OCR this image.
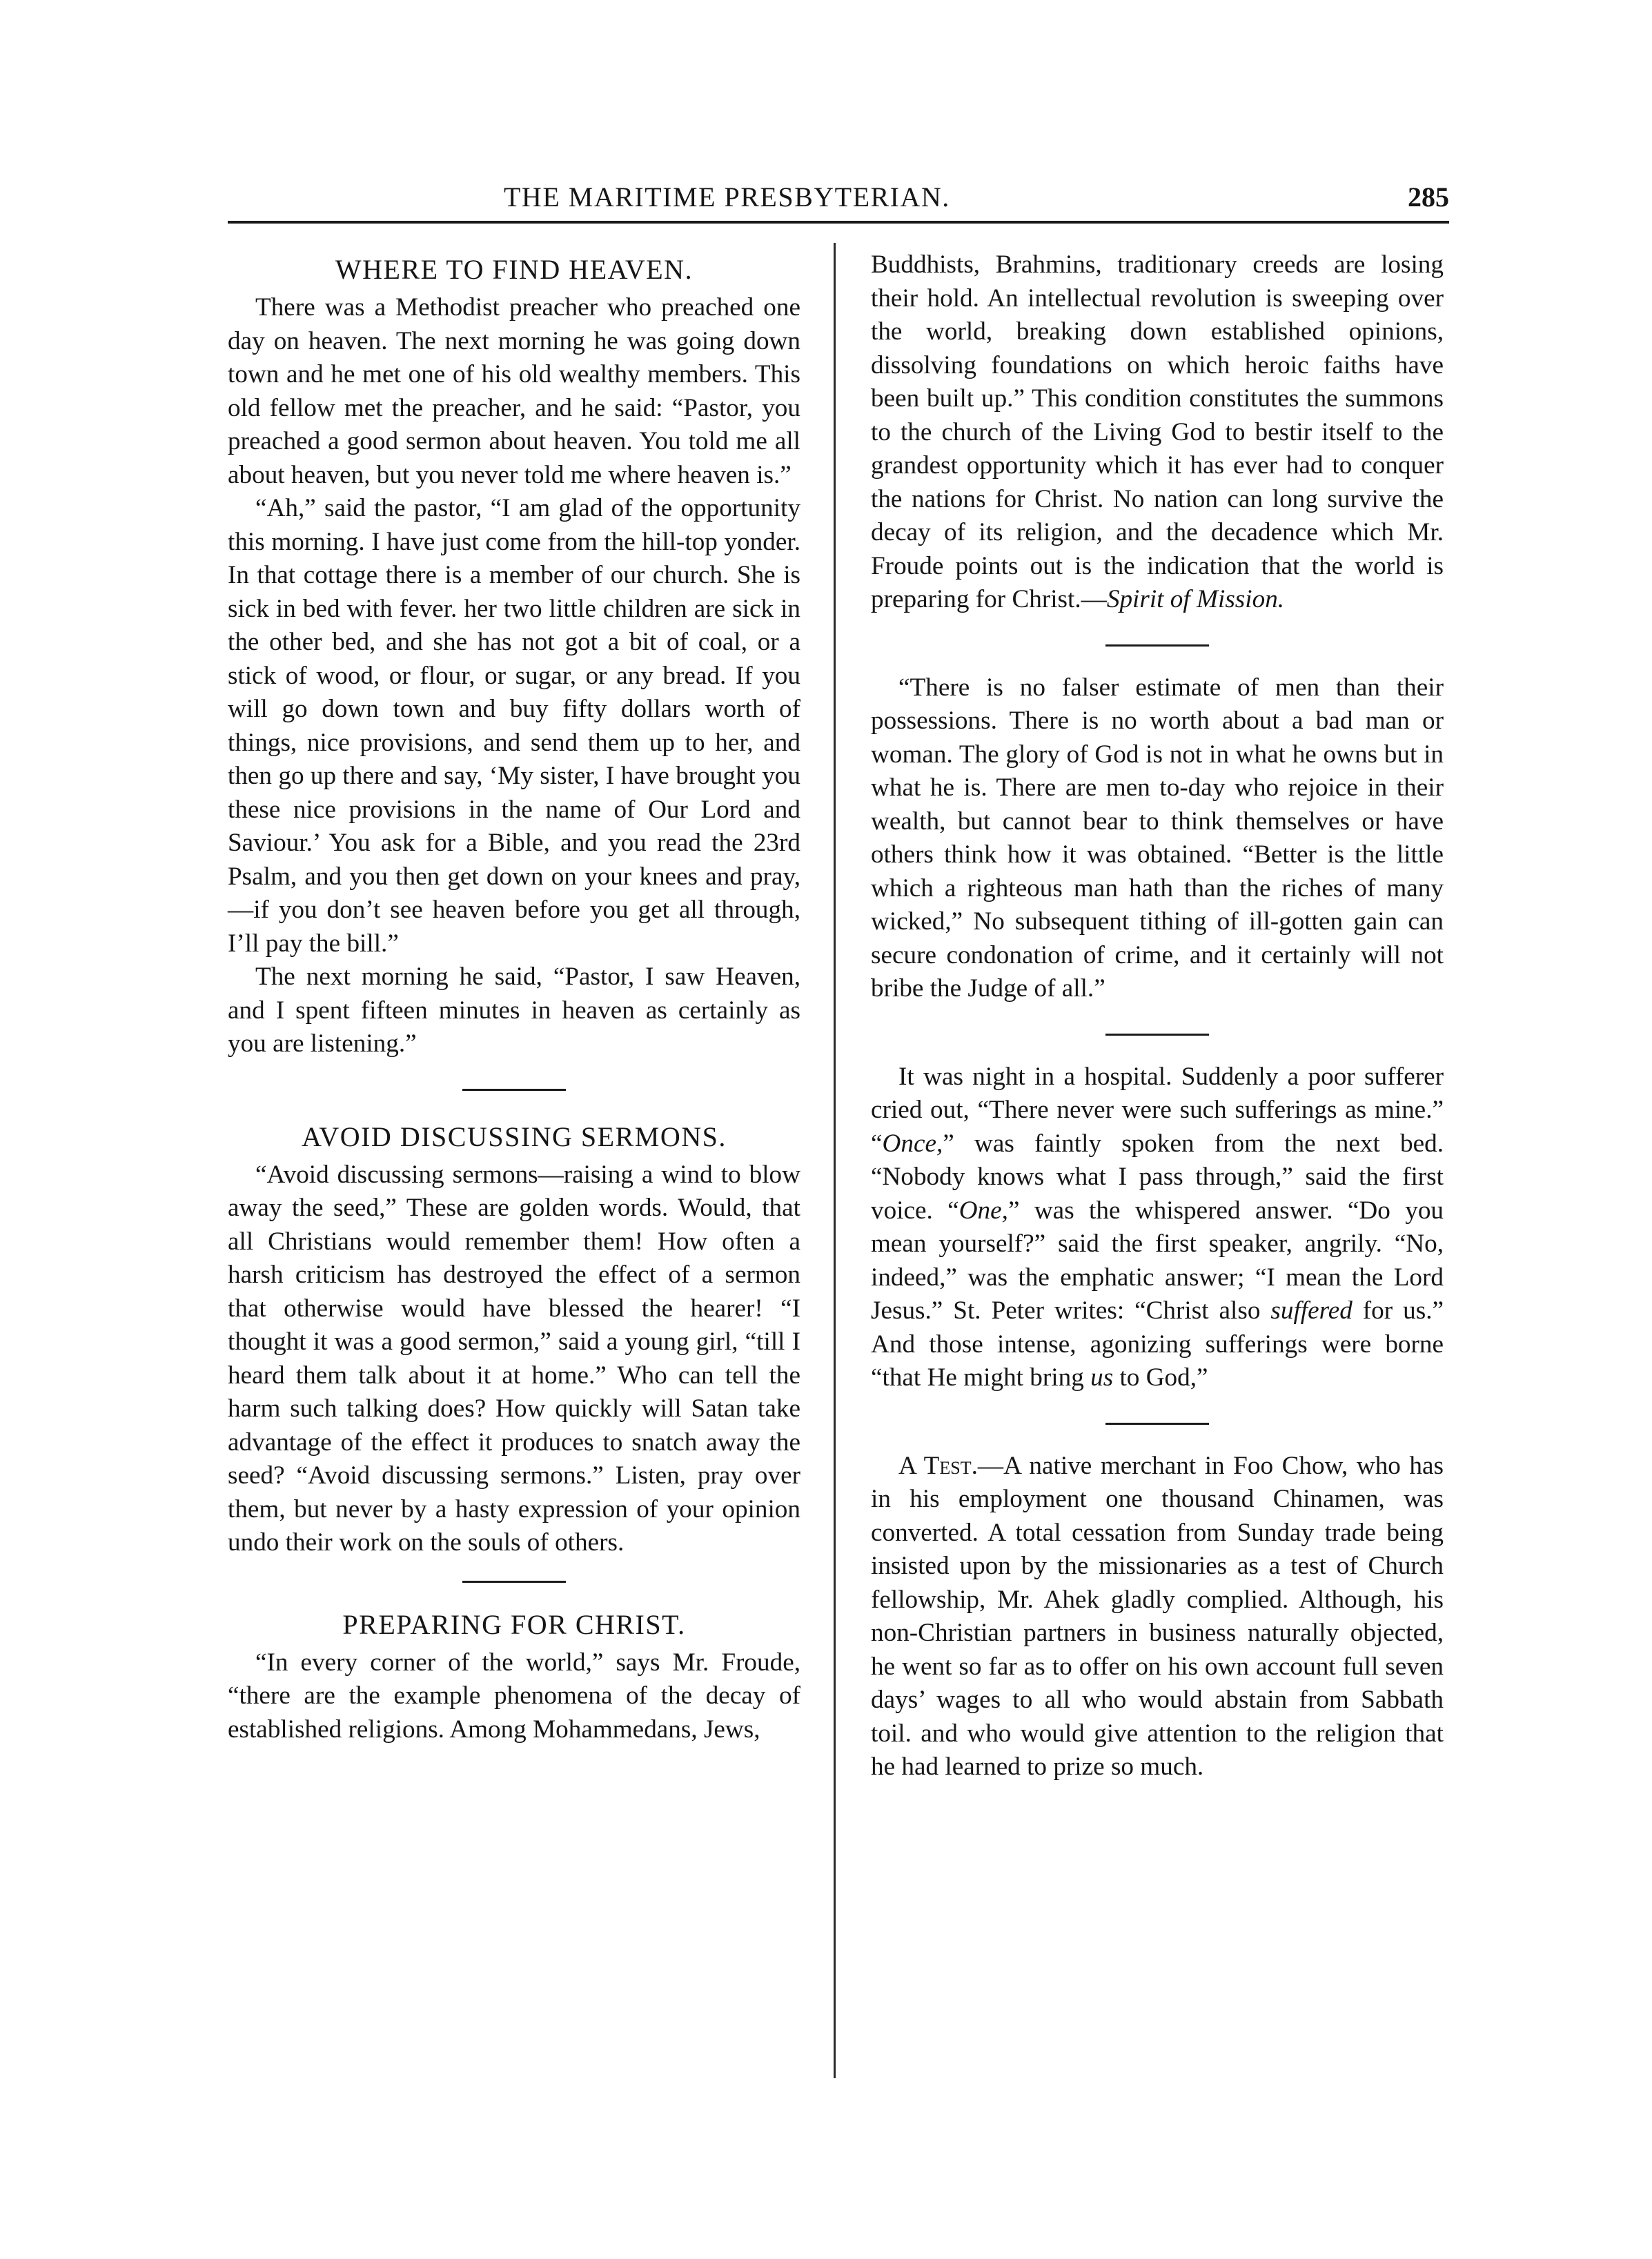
THE MARITIME PRESBYTERIAN.	285
WHERE TO FIND HEAVEN.

There was a Methodist preacher who preached one day on heaven. The next morning he was going down town and he met one of his old wealthy members. This old fellow met the preacher, and he said: “Pastor, you preached a good sermon about heaven. You told me all about heaven, but you never told me where heaven is.”

“Ah,” said the pastor, “I am glad of the opportunity this morning. I have just come from the hill-top yonder. In that cottage there is a member of our church. She is sick in bed with fever. her two little children are sick in the other bed, and she has not got a bit of coal, or a stick of wood, or flour, or sugar, or any bread. If you will go down town and buy fifty dollars worth of things, nice provisions, and send them up to her, and then go up there and say, ‘My sister, I have brought you these nice provisions in the name of Our Lord and Saviour.’ You ask for a Bible, and you read the 23rd Psalm, and you then get down on your knees and pray,—if you don’t see heaven before you get all through, I’ll pay the bill.”

The next morning he said, “Pastor, I saw Heaven, and I spent fifteen minutes in heaven as certainly as you are listening.”

AVOID DISCUSSING SERMONS.

“Avoid discussing sermons—raising a wind to blow away the seed,” These are golden words. Would, that all Christians would remember them! How often a harsh criticism has destroyed the effect of a sermon that otherwise would have blessed the hearer! “I thought it was a good sermon,” said a young girl, “till I heard them talk about it at home.” Who can tell the harm such talking does? How quickly will Satan take advantage of the effect it produces to snatch away the seed? “Avoid discussing sermons.” Listen, pray over them, but never by a hasty expression of your opinion undo their work on the souls of others.

PREPARING FOR CHRIST.

“In every corner of the world,” says Mr. Froude, “there are the example phenomena of the decay of established religions. Among Mohammedans, Jews,

Buddhists, Brahmins, traditionary creeds are losing their hold. An intellectual revolution is sweeping over the world, breaking down established opinions, dissolving foundations on which heroic faiths have been built up.” This condition constitutes the summons to the church of the Living God to bestir itself to the grandest opportunity which it has ever had to conquer the nations for Christ. No nation can long survive the decay of its religion, and the decadence which Mr. Froude points out is the indication that the world is preparing for Christ.—Spirit of Mission.

“There is no falser estimate of men than their possessions. There is no worth about a bad man or woman. The glory of God is not in what he owns but in what he is. There are men to-day who rejoice in their wealth, but cannot bear to think themselves or have others think how it was obtained. “Better is the little which a righteous man hath than the riches of many wicked,” No subsequent tithing of ill-gotten gain can secure condonation of crime, and it certainly will not bribe the Judge of all.”

It was night in a hospital. Suddenly a poor sufferer cried out, “There never were such sufferings as mine.” “Once,” was faintly spoken from the next bed. “Nobody knows what I pass through,” said the first voice. “One,” was the whispered answer. “Do you mean yourself?” said the first speaker, angrily. “No, indeed,” was the emphatic answer; “I mean the Lord Jesus.” St. Peter writes: “Christ also suffered for us.” And those intense, agonizing sufferings were borne “that He might bring us to God,”

A Test.—A native merchant in Foo Chow, who has in his employment one thousand Chinamen, was converted. A total cessation from Sunday trade being insisted upon by the missionaries as a test of Church fellowship, Mr. Ahek gladly complied. Although, his non-Christian partners in business naturally objected, he went so far as to offer on his own account full seven days’ wages to all who would abstain from Sabbath toil. and who would give attention to the religion that he had learned to prize so much.
